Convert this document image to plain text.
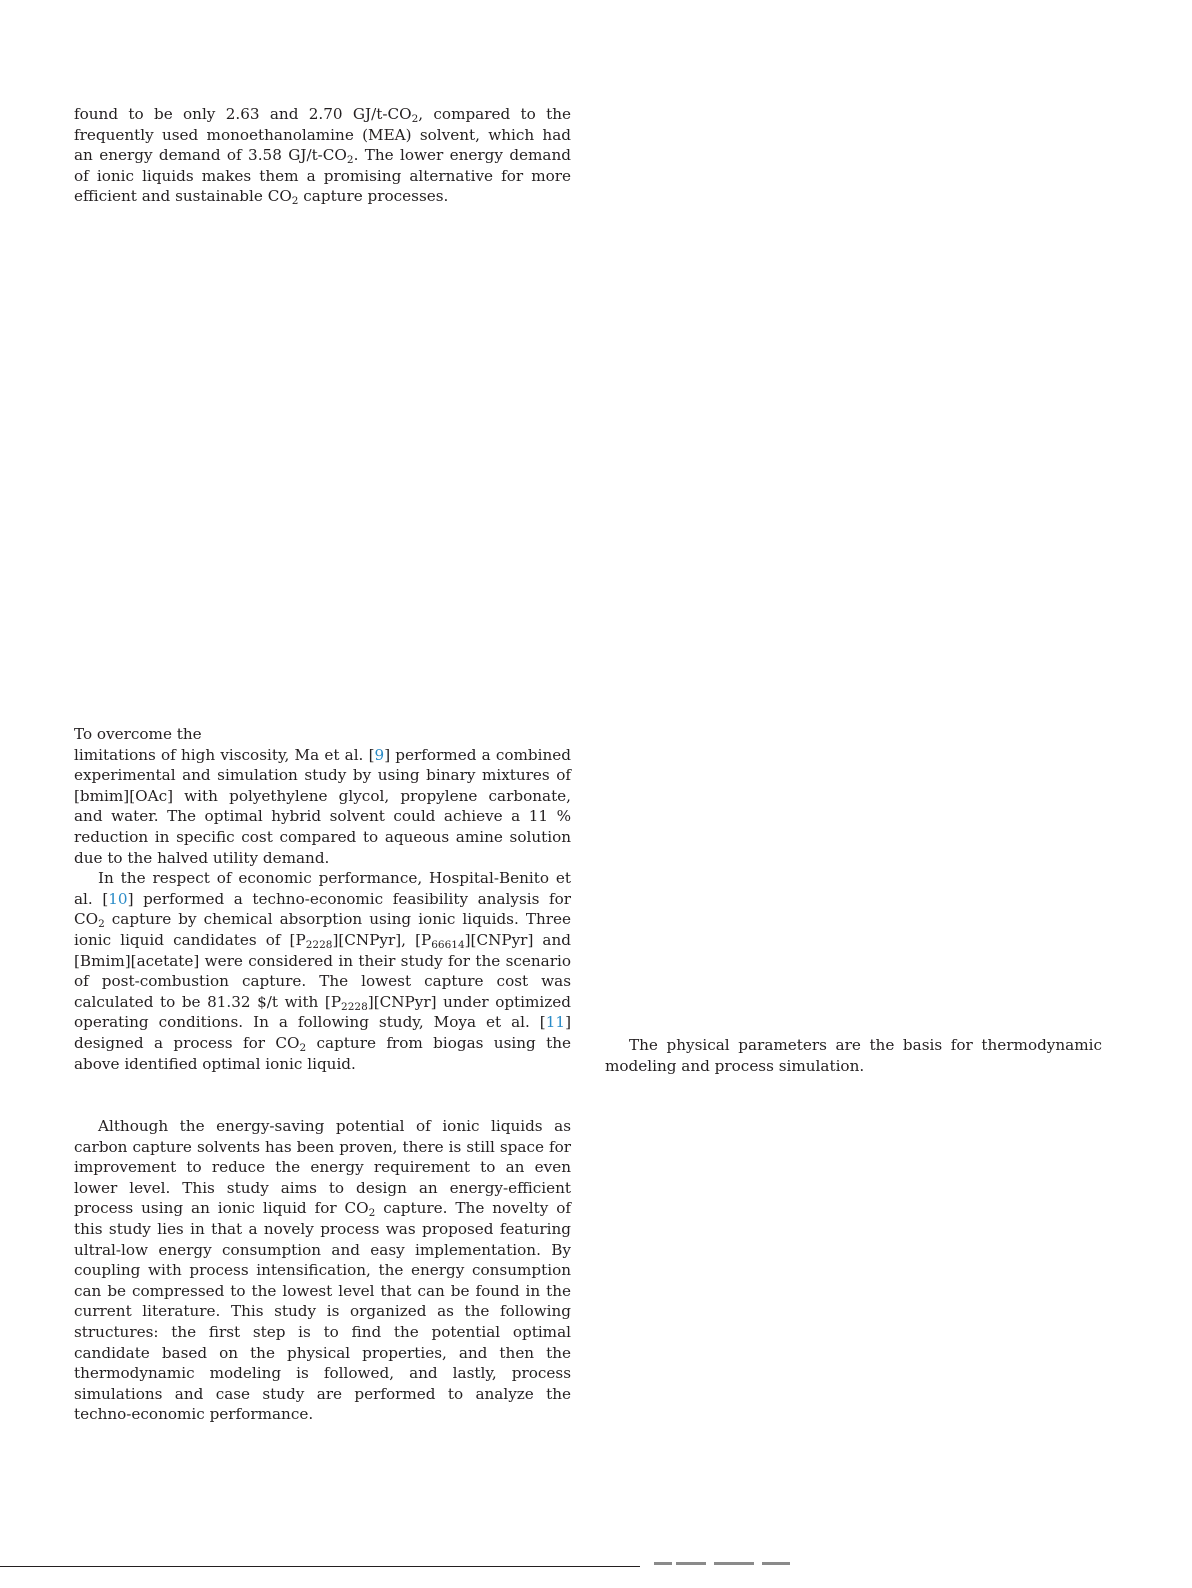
found to be only 2.63 and 2.70 $GJ/t-CO_2$, compared to the frequently used monoethanolamine (MEA) solvent, which had an energy demand of 3.58 $GJ/t-CO_2$. The lower energy demand of ionic liquids makes them a promising alternative for more efficient and sustainable $CO_2$ capture processes.

To overcome the

limitations of high viscosity, Ma et al. [9] performed a combined experimental and simulation study by using binary mixtures of [bmim][OAc] with polyethylene glycol, propylene carbonate, and water. The optimal hybrid solvent could achieve a 11 % reduction in specific cost compared to aqueous amine solution due to the halved utility demand.

In the respect of economic performance, Hospital-Benito et al. [10] performed a techno-economic feasibility analysis for $CO_2$ capture by chemical absorption using ionic liquids. Three ionic liquid candidates of $[P_{2228}][CNPyr]$, $[P_{66614}][CNPyr]$ and [Bmim][acetate] were considered in their study for the scenario of post-combustion capture. The lowest capture cost was calculated to be 81.32 $/t with $[P_{2228}][CNPyr]$ under optimized operating conditions. In a following study, Moya et al. [11] designed a process for $CO_2$ capture from biogas using the above identified optimal ionic liquid.

Although the energy-saving potential of ionic liquids as carbon capture solvents has been proven, there is still space for improvement to reduce the energy requirement to an even lower level. This study aims to design an energy-efficient process using an ionic liquid for $CO_2$ capture. The novelty of this study lies in that a novely process was proposed featuring ultral-low energy consumption and easy implementation. By coupling with process intensification, the energy consumption can be compressed to the lowest level that can be found in the current literature. This study is organized as the following structures: the first step is to find the potential optimal candidate based on the physical properties, and then the thermodynamic modeling is followed, and lastly, process simulations and case study are performed to analyze the techno-economic performance.

The physical parameters are the basis for thermodynamic modeling and process simulation.
